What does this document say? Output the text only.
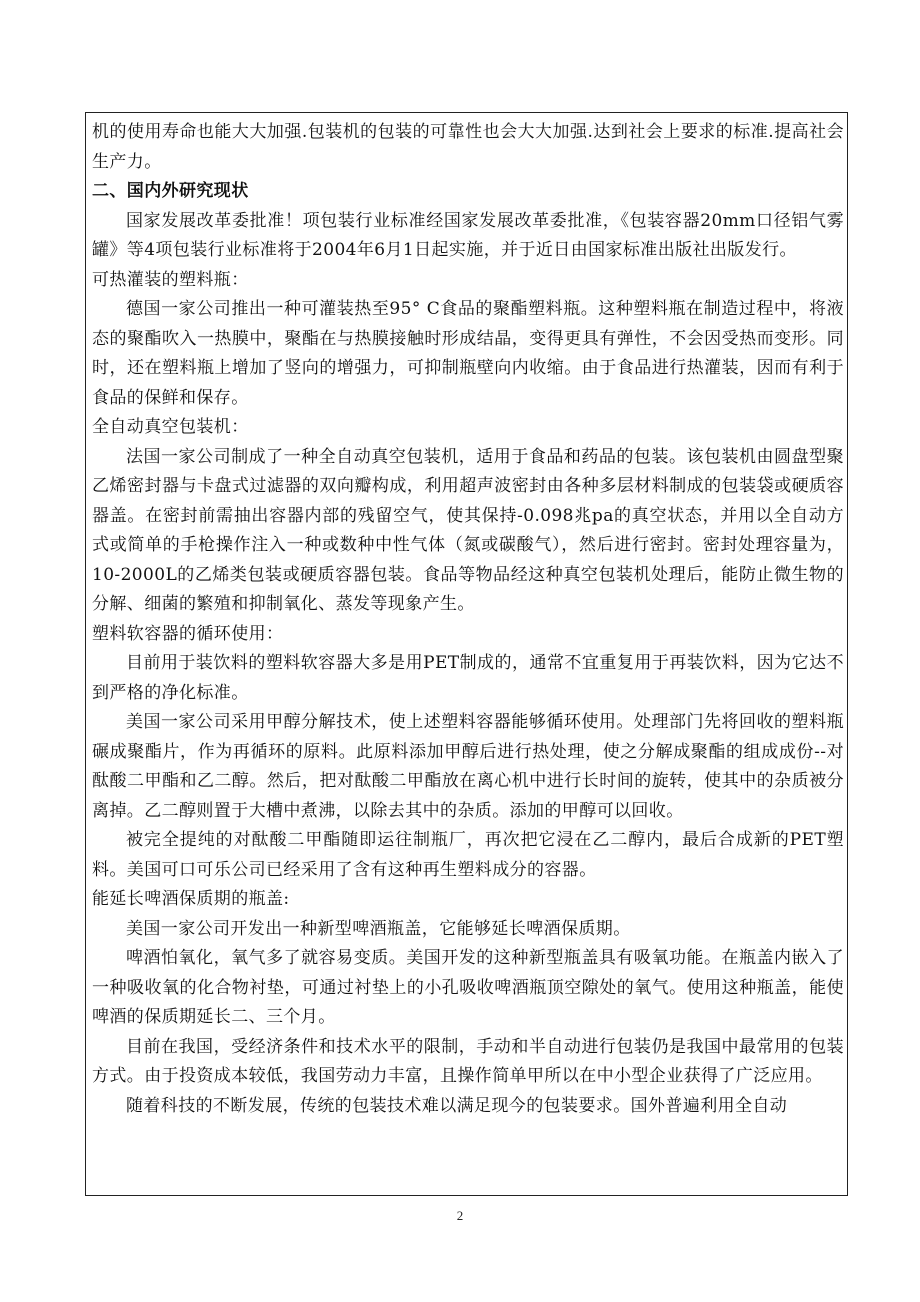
机的使用寿命也能大大加强.包装机的包装的可靠性也会大大加强.达到社会上要求的标准.提高社会生产力。

二、国内外研究现状

国家发展改革委批准！项包装行业标准经国家发展改革委批准，《包装容器20mm口径铝气雾罐》等4项包装行业标准将于2004年6月1日起实施，并于近日由国家标准出版社出版发行。

可热灌装的塑料瓶：

德国一家公司推出一种可灌装热至95° C食品的聚酯塑料瓶。这种塑料瓶在制造过程中，将液态的聚酯吹入一热膜中，聚酯在与热膜接触时形成结晶，变得更具有弹性，不会因受热而变形。同时，还在塑料瓶上增加了竖向的增强力，可抑制瓶壁向内收缩。由于食品进行热灌装，因而有利于食品的保鲜和保存。

全自动真空包装机：

法国一家公司制成了一种全自动真空包装机，适用于食品和药品的包装。该包装机由圆盘型聚乙烯密封器与卡盘式过滤器的双向瓣构成，利用超声波密封由各种多层材料制成的包装袋或硬质容器盖。在密封前需抽出容器内部的残留空气，使其保持-0.098兆pa的真空状态，并用以全自动方式或简单的手枪操作注入一种或数种中性气体（氮或碳酸气），然后进行密封。密封处理容量为，10-2000L的乙烯类包装或硬质容器包装。食品等物品经这种真空包装机处理后，能防止微生物的分解、细菌的繁殖和抑制氧化、蒸发等现象产生。

塑料软容器的循环使用：

目前用于装饮料的塑料软容器大多是用PET制成的，通常不宜重复用于再装饮料，因为它达不到严格的净化标准。

美国一家公司采用甲醇分解技术，使上述塑料容器能够循环使用。处理部门先将回收的塑料瓶碾成聚酯片，作为再循环的原料。此原料添加甲醇后进行热处理，使之分解成聚酯的组成成份--对酞酸二甲酯和乙二醇。然后，把对酞酸二甲酯放在离心机中进行长时间的旋转，使其中的杂质被分离掉。乙二醇则置于大槽中煮沸，以除去其中的杂质。添加的甲醇可以回收。

被完全提纯的对酞酸二甲酯随即运往制瓶厂，再次把它浸在乙二醇内，最后合成新的PET塑料。美国可口可乐公司已经采用了含有这种再生塑料成分的容器。

能延长啤酒保质期的瓶盖:

美国一家公司开发出一种新型啤酒瓶盖，它能够延长啤酒保质期。

啤酒怕氧化，氧气多了就容易变质。美国开发的这种新型瓶盖具有吸氧功能。在瓶盖内嵌入了一种吸收氧的化合物衬垫，可通过衬垫上的小孔吸收啤酒瓶顶空隙处的氧气。使用这种瓶盖，能使啤酒的保质期延长二、三个月。

目前在我国，受经济条件和技术水平的限制，手动和半自动进行包装仍是我国中最常用的包装方式。由于投资成本较低，我国劳动力丰富，且操作简单甲所以在中小型企业获得了广泛应用。

随着科技的不断发展，传统的包装技术难以满足现今的包装要求。国外普遍利用全自动

2
